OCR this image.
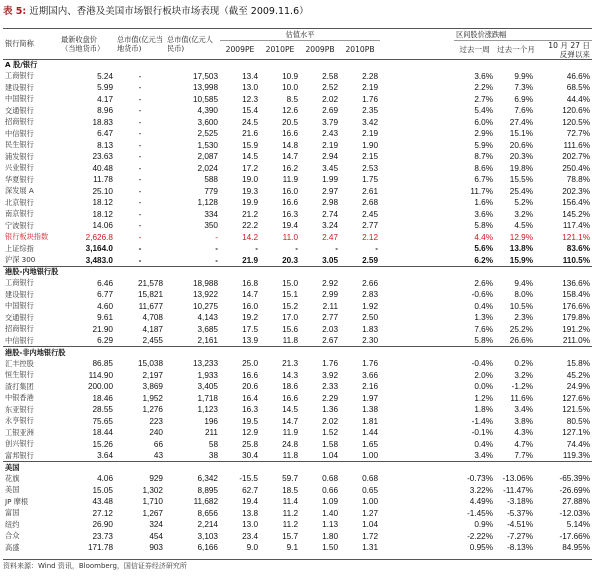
表 5: 近期国内、香港及美国市场银行板块市场表现（截至 2009.11.6）
银行简称	最新收盘价
（当地货币）	总市值(亿元当地货币)	总市值(亿元人民币)	估值水平					区间股价涨跌幅		
				2009PE	2010PE	2009PB	2010PB		过去一周	过去一个月	10 月 27 日
反弹以来
A 股/银行											
工商银行	5.24	-	17,503	13.4	10.9	2.58	2.28		3.6%	9.9%	46.6%
建设银行	5.99	-	13,998	13.0	10.0	2.52	2.19		2.2%	7.3%	68.5%
中国银行	4.17	-	10,585	12.3	8.5	2.02	1.76		2.7%	6.9%	44.4%
交通银行	8.96	-	4,390	15.4	12.6	2.69	2.35		5.4%	7.6%	120.6%
招商银行	18.83	-	3,600	24.5	20.5	3.79	3.42		6.0%	27.4%	120.5%
中信银行	6.47	-	2,525	21.6	16.6	2.43	2.19		2.9%	15.1%	72.7%
民生银行	8.13	-	1,530	15.9	14.8	2.19	1.90		5.9%	20.6%	111.6%
浦发银行	23.63	-	2,087	14.5	14.7	2.94	2.15		8.7%	20.3%	202.7%
兴业银行	40.48	-	2,024	17.2	16.2	3.45	2.53		8.6%	19.8%	250.4%
华夏银行	11.78	-	588	19.0	11.9	1.99	1.75		6.7%	15.5%	78.8%
深发展 A	25.10	-	779	19.3	16.0	2.97	2.61		11.7%	25.4%	202.3%
北京银行	18.12	-	1,128	19.9	16.6	2.98	2.68		1.6%	5.2%	156.4%
南京银行	18.12	-	334	21.2	16.3	2.74	2.45		3.6%	3.2%	145.2%
宁波银行	14.06	-	350	22.2	19.4	3.24	2.77		5.8%	4.5%	117.4%
银行板块指数	2,626.8	-	-	14.2	11.0	2.47	2.12		4.4%	12.9%	121.1%
上证综指	3,164.0	-	-	-	-	-	-		5.6%	13.8%	83.6%
沪深 300	3,483.0	-	-	21.9	20.3	3.05	2.59		6.2%	15.9%	110.5%
港股-内地银行股											
工商银行	6.46	21,578	18,988	16.8	15.0	2.92	2.66		2.6%	9.4%	136.6%
建设银行	6.77	15,821	13,922	14.7	15.1	2.99	2.83		-0.6%	8.0%	158.4%
中国银行	4.60	11,677	10,275	16.0	15.2	2.11	1.92		0.4%	10.5%	176.6%
交通银行	9.61	4,708	4,143	19.2	17.0	2.77	2.50		1.3%	2.3%	179.8%
招商银行	21.90	4,187	3,685	17.5	15.6	2.03	1.83		7.6%	25.2%	191.2%
中信银行	6.29	2,455	2,161	13.9	11.8	2.67	2.30		5.8%	26.6%	211.0%
港股-非内地银行股											
汇丰控股	86.85	15,038	13,233	25.0	21.3	1.76	1.76		-0.4%	0.2%	15.8%
恒生银行	114.90	2,197	1,933	16.6	14.3	3.92	3.66		2.0%	3.2%	45.2%
渣打集团	200.00	3,869	3,405	20.6	18.6	2.33	2.16		0.0%	-1.2%	24.9%
中银香港	18.46	1,952	1,718	16.4	16.6	2.29	1.97		1.2%	11.6%	127.6%
东亚银行	28.55	1,276	1,123	16.3	14.5	1.36	1.38		1.8%	3.4%	121.5%
永亨银行	75.65	223	196	19.5	14.7	2.02	1.81		-1.4%	3.8%	80.5%
工银亚洲	18.44	240	211	12.9	11.9	1.52	1.44		-0.1%	4.3%	127.1%
创兴银行	15.26	66	58	25.8	24.8	1.58	1.65		0.4%	4.7%	74.4%
富邦银行	3.64	43	38	30.4	11.8	1.04	1.00		3.4%	7.7%	119.3%
美国											
花旗	4.06	929	6,342	-15.5	59.7	0.68	0.68		-0.73%	-13.06%	-65.39%
美国	15.05	1,302	8,895	62.7	18.5	0.66	0.65		3.22%	-11.47%	-26.69%
JP 摩根	43.48	1,710	11,682	19.4	11.4	1.09	1.00		4.49%	-3.18%	27.88%
富国	27.12	1,267	8,656	13.8	11.2	1.40	1.27		-1.45%	-5.37%	-12.03%
纽约	26.90	324	2,214	13.0	11.2	1.13	1.04		0.9%	-4.51%	5.14%
合众	23.73	454	3,103	23.4	15.7	1.80	1.72		-2.22%	-7.27%	-17.66%
高盛	171.78	903	6,166	9.0	9.1	1.50	1.31		0.95%	-8.13%	84.95%
资料来源：Wind 资讯，Bloomberg，国信证券经济研究所
